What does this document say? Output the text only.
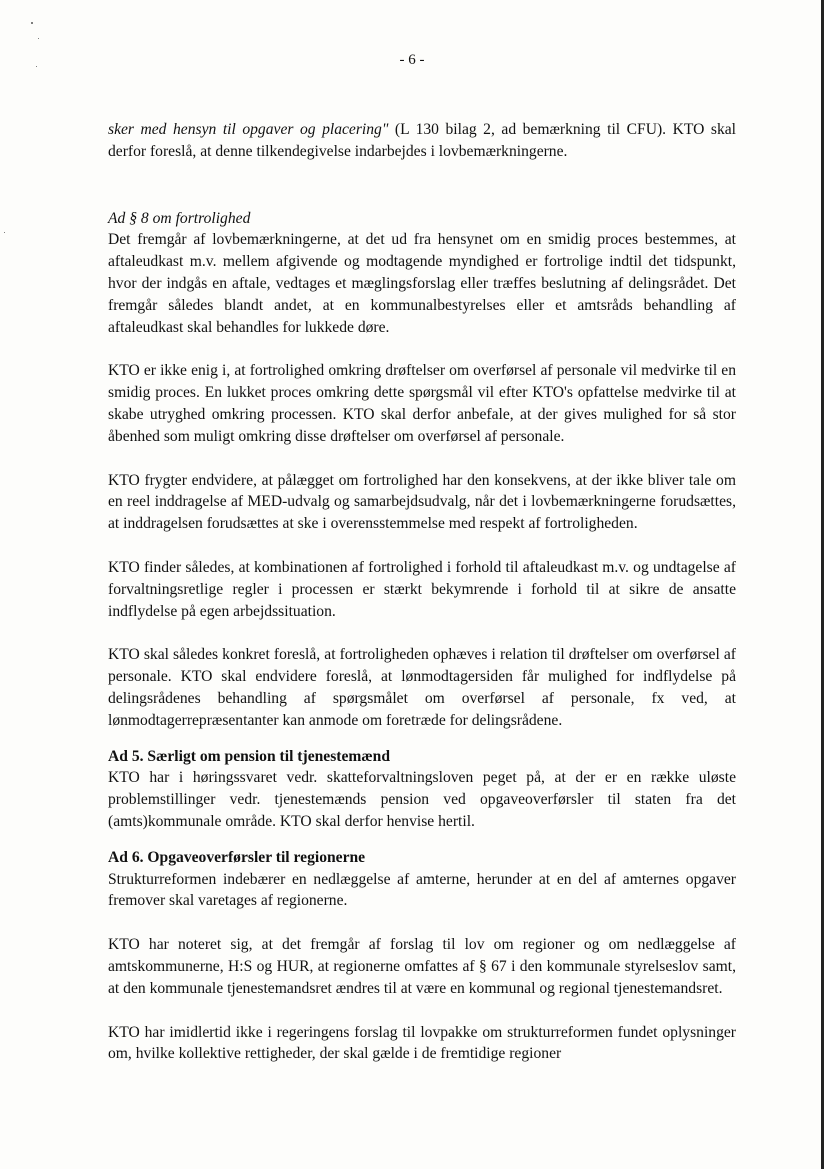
- 6 -

sker med hensyn til opgaver og placering" (L 130 bilag 2, ad bemærkning til CFU). KTO skal derfor foreslå, at denne tilkendegivelse indarbejdes i lovbemærkningerne.

Ad § 8 om fortrolighed

Det fremgår af lovbemærkningerne, at det ud fra hensynet om en smidig proces bestemmes, at aftaleudkast m.v. mellem afgivende og modtagende myndighed er fortrolige indtil det tidspunkt, hvor der indgås en aftale, vedtages et mæglingsforslag eller træffes beslutning af delingsrådet. Det fremgår således blandt andet, at en kommunalbestyrelses eller et amtsråds behandling af aftaleudkast skal behandles for lukkede døre.

KTO er ikke enig i, at fortrolighed omkring drøftelser om overførsel af personale vil medvirke til en smidig proces. En lukket proces omkring dette spørgsmål vil efter KTO's opfattelse medvirke til at skabe utryghed omkring processen. KTO skal derfor anbefale, at der gives mulighed for så stor åbenhed som muligt omkring disse drøftelser om overførsel af personale.

KTO frygter endvidere, at pålægget om fortrolighed har den konsekvens, at der ikke bliver tale om en reel inddragelse af MED-udvalg og samarbejdsudvalg, når det i lovbemærkningerne forudsættes, at inddragelsen forudsættes at ske i overensstemmelse med respekt af fortroligheden.

KTO finder således, at kombinationen af fortrolighed i forhold til aftaleudkast m.v. og undtagelse af forvaltningsretlige regler i processen er stærkt bekymrende i forhold til at sikre de ansatte indflydelse på egen arbejdssituation.

KTO skal således konkret foreslå, at fortroligheden ophæves i relation til drøftelser om overførsel af personale. KTO skal endvidere foreslå, at lønmodtagersiden får mulighed for indflydelse på delingsrådenes behandling af spørgsmålet om overførsel af personale, fx ved, at lønmodtagerrepræsentanter kan anmode om foretræde for delingsrådene.

Ad 5. Særligt om pension til tjenestemænd

KTO har i høringssvaret vedr. skatteforvaltningsloven peget på, at der er en række uløste problemstillinger vedr. tjenestemænds pension ved opgaveoverførsler til staten fra det (amts)kommunale område. KTO skal derfor henvise hertil.

Ad 6. Opgaveoverførsler til regionerne

Strukturreformen indebærer en nedlæggelse af amterne, herunder at en del af amternes opgaver fremover skal varetages af regionerne.

KTO har noteret sig, at det fremgår af forslag til lov om regioner og om nedlæggelse af amtskommunerne, H:S og HUR, at regionerne omfattes af § 67 i den kommunale styrelseslov samt, at den kommunale tjenestemandsret ændres til at være en kommunal og regional tjenestemandsret.

KTO har imidlertid ikke i regeringens forslag til lovpakke om strukturreformen fundet oplysninger om, hvilke kollektive rettigheder, der skal gælde i de fremtidige regioner
